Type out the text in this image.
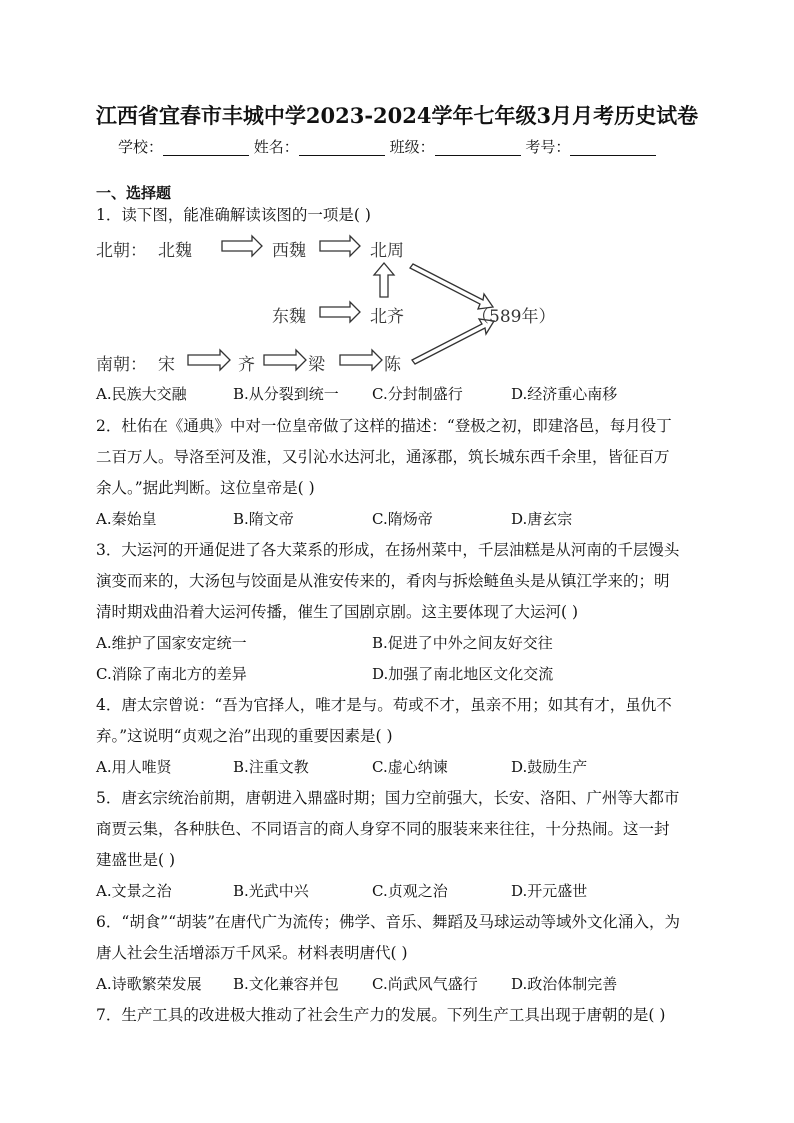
江西省宜春市丰城中学2023-2024学年七年级3月月考历史试卷
学校：	姓名：	班级：	考号：
一、选择题
1．读下图，能准确解读该图的一项是( )
北朝： 北魏	西魏	北周
东魏	北齐	（589年）
南朝： 宋	齐	梁	陈
A.民族大交融	B.从分裂到统一 C.分封制盛行	D.经济重心南移
2．杜佑在《通典》中对一位皇帝做了这样的描述：“登极之初，即建洛邑，每月役丁
二百万人。导洛至河及淮，又引沁水达河北，通涿郡，筑长城东西千余里，皆征百万
余人。”据此判断。这位皇帝是( )
A.秦始皇	B.隋文帝	C.隋炀帝	D.唐玄宗
3．大运河的开通促进了各大菜系的形成，在扬州菜中，千层油糕是从河南的千层馒头
演变而来的，大汤包与饺面是从淮安传来的，肴肉与拆烩鲢鱼头是从镇江学来的；明
清时期戏曲沿着大运河传播，催生了国剧京剧。这主要体现了大运河( )
A.维护了国家安定统一	B.促进了中外之间友好交往
C.消除了南北方的差异	D.加强了南北地区文化交流
4．唐太宗曾说：“吾为官择人，唯才是与。苟或不才，虽亲不用；如其有才，虽仇不
弃。”这说明“贞观之治”出现的重要因素是( )
A.用人唯贤	B.注重文教	C.虚心纳谏	D.鼓励生产
5．唐玄宗统治前期，唐朝进入鼎盛时期；国力空前强大，长安、洛阳、广州等大都市
商贾云集，各种肤色、不同语言的商人身穿不同的服装来来往往，十分热闹。这一封
建盛世是( )
A.文景之治	B.光武中兴	C.贞观之治	D.开元盛世
6．“胡食”“胡装”在唐代广为流传；佛学、音乐、舞蹈及马球运动等域外文化涌入，为
唐人社会生活增添万千风采。材料表明唐代( )
A.诗歌繁荣发展 B.文化兼容并包 C.尚武风气盛行 D.政治体制完善
7．生产工具的改进极大推动了社会生产力的发展。下列生产工具出现于唐朝的是( )
